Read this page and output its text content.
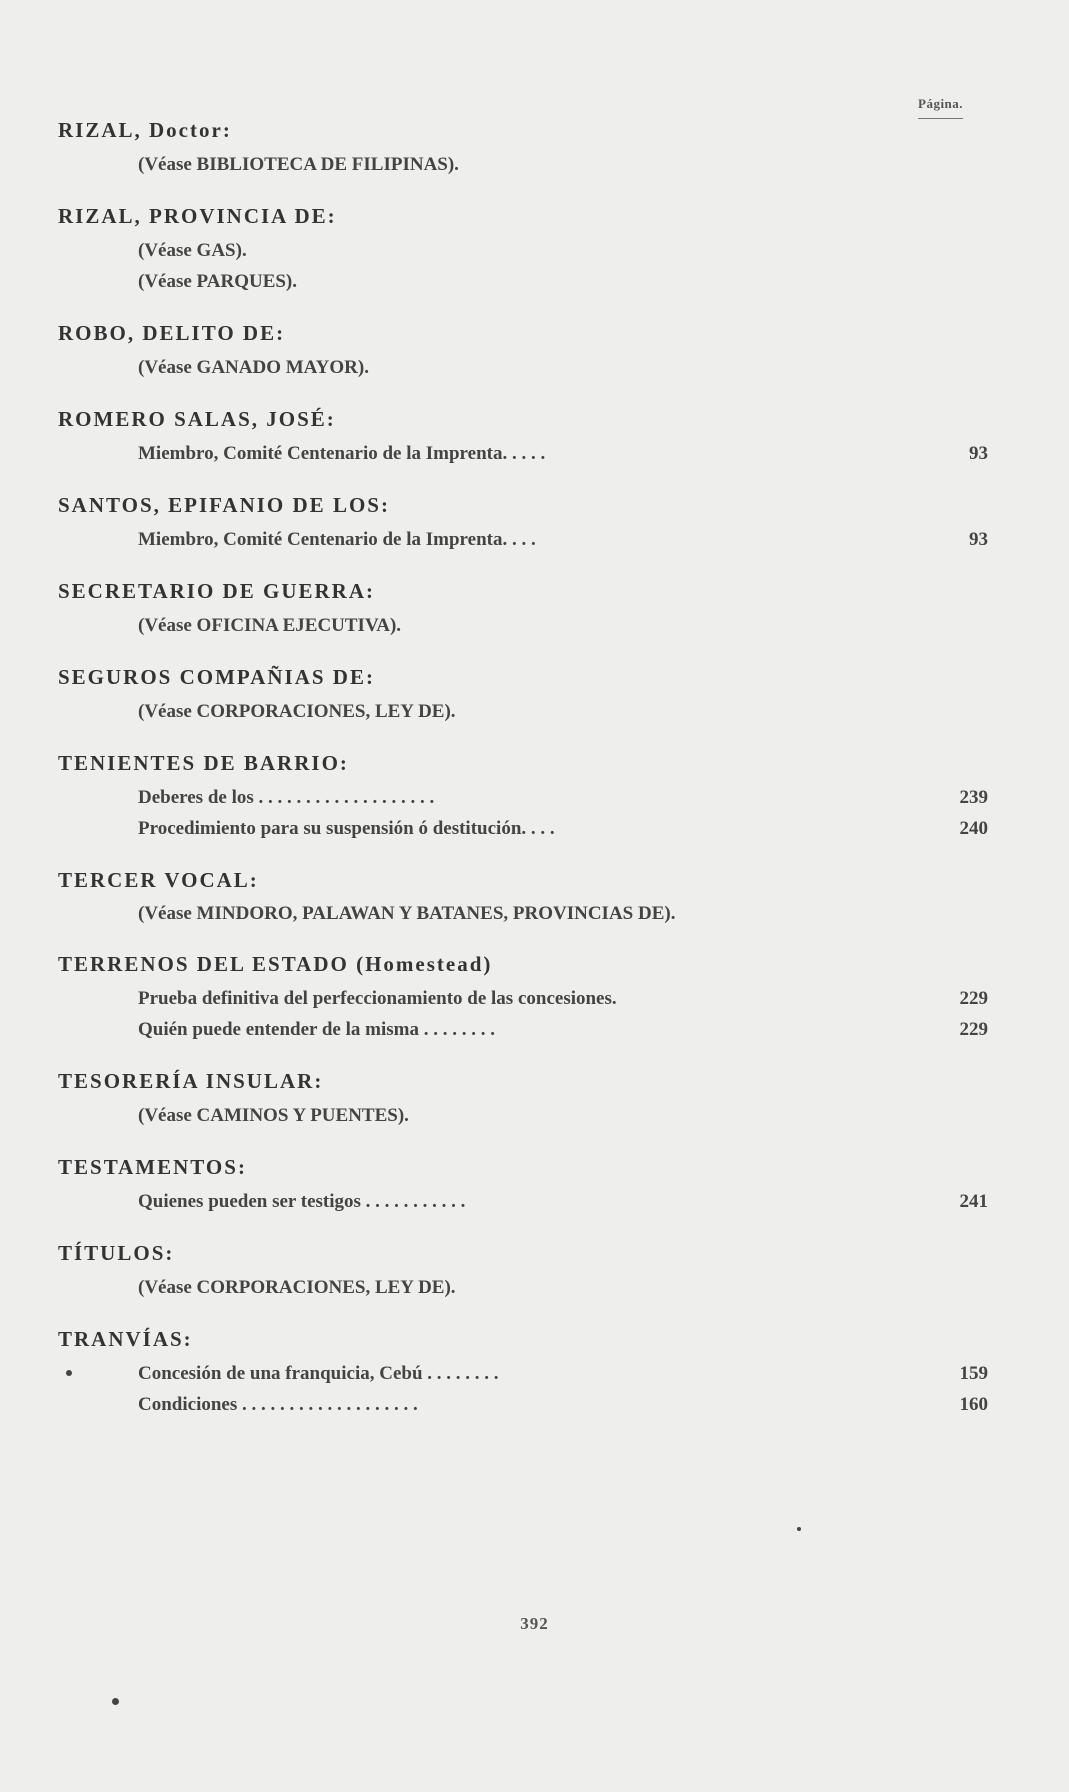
Página.
RIZAL, Doctor:
(Véase BIBLIOTECA DE FILIPINAS).
RIZAL, PROVINCIA DE:
(Véase GAS).
(Véase PARQUES).
ROBO, DELITO DE:
(Véase GANADO MAYOR).
ROMERO SALAS, JOSÉ:
Miembro, Comité Centenario de la Imprenta. . . . .	93
SANTOS, EPIFANIO DE LOS:
Miembro, Comité Centenario de la Imprenta. . . .	93
SECRETARIO DE GUERRA:
(Véase OFICINA EJECUTIVA).
SEGUROS COMPAÑIAS DE:
(Véase CORPORACIONES, LEY DE).
TENIENTES DE BARRIO:
Deberes de los . . . . . . . . . . . . . . . . . . .	239
Procedimiento para su suspensión ó destitución. . . .	240
TERCER VOCAL:
(Véase MINDORO, PALAWAN Y BATANES, PROVINCIAS DE).
TERRENOS DEL ESTADO (Homestead)
Prueba definitiva del perfeccionamiento de las concesiones.	229
Quién puede entender de la misma . . . . . . . .	229
TESORERÍA INSULAR:
(Véase CAMINOS Y PUENTES).
TESTAMENTOS:
Quienes pueden ser testigos . . . . . . . . . . .	241
TÍTULOS:
(Véase CORPORACIONES, LEY DE).
TRANVÍAS:
Concesión de una franquicia, Cebú . . . . . . . .	159
Condiciones . . . . . . . . . . . . . . . . . . .	160
392
